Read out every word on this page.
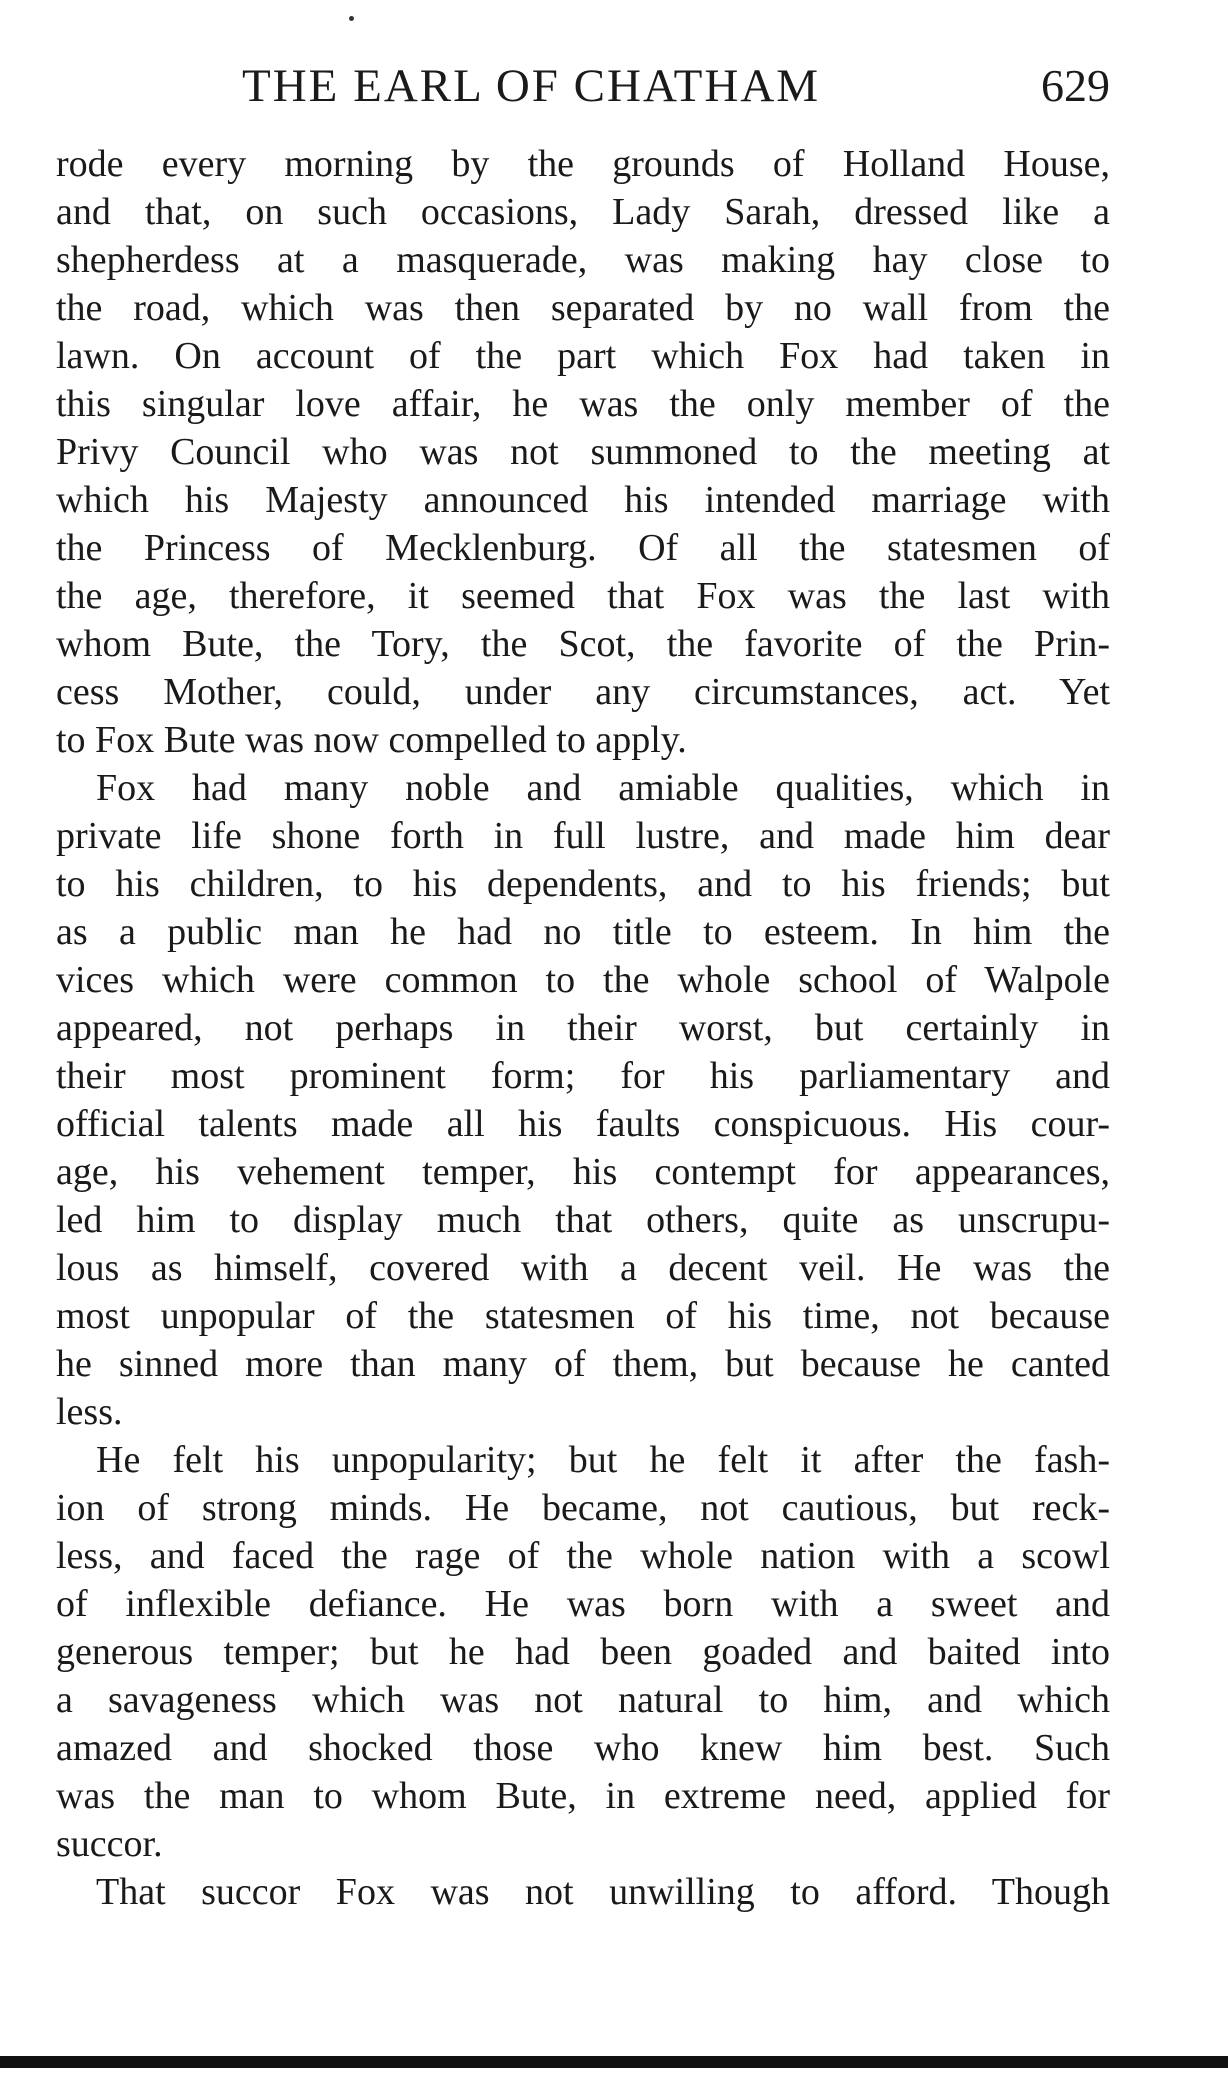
THE EARL OF CHATHAM	629
rode every morning by the grounds of Holland House,
and that, on such occasions, Lady Sarah, dressed like a
shepherdess at a masquerade, was making hay close to
the road, which was then separated by no wall from the
lawn. On account of the part which Fox had taken in
this singular love affair, he was the only member of the
Privy Council who was not summoned to the meeting at
which his Majesty announced his intended marriage with
the Princess of Mecklenburg. Of all the statesmen of
the age, therefore, it seemed that Fox was the last with
whom Bute, the Tory, the Scot, the favorite of the Prin-
cess Mother, could, under any circumstances, act. Yet
to Fox Bute was now compelled to apply.
Fox had many noble and amiable qualities, which in
private life shone forth in full lustre, and made him dear
to his children, to his dependents, and to his friends; but
as a public man he had no title to esteem. In him the
vices which were common to the whole school of Walpole
appeared, not perhaps in their worst, but certainly in
their most prominent form; for his parliamentary and
official talents made all his faults conspicuous. His cour-
age, his vehement temper, his contempt for appearances,
led him to display much that others, quite as unscrupu-
lous as himself, covered with a decent veil. He was the
most unpopular of the statesmen of his time, not because
he sinned more than many of them, but because he canted
less.
He felt his unpopularity; but he felt it after the fash-
ion of strong minds. He became, not cautious, but reck-
less, and faced the rage of the whole nation with a scowl
of inflexible defiance. He was born with a sweet and
generous temper; but he had been goaded and baited into
a savageness which was not natural to him, and which
amazed and shocked those who knew him best. Such
was the man to whom Bute, in extreme need, applied for
succor.
That succor Fox was not unwilling to afford. Though
